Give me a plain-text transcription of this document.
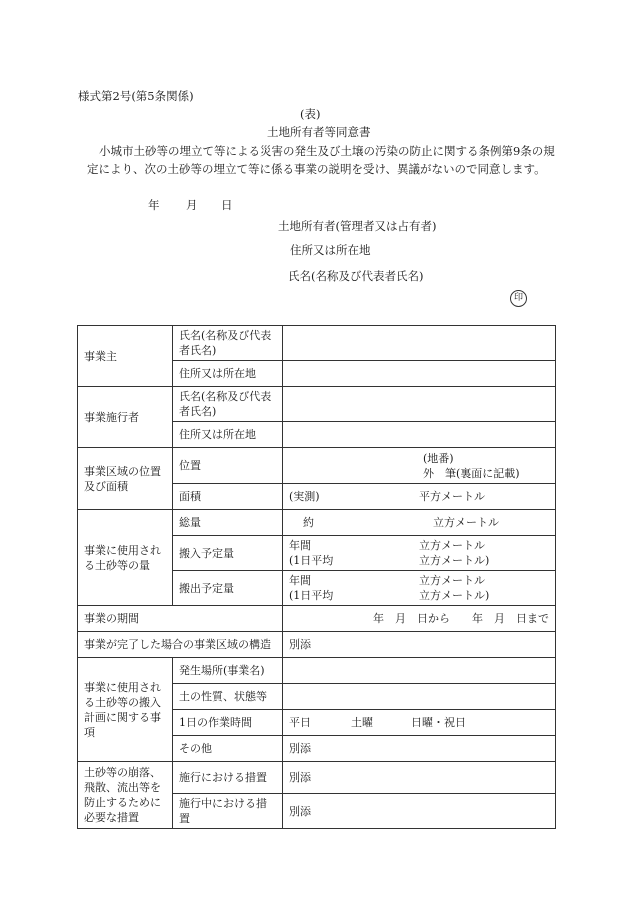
様式第2号(第5条関係)
(表)
土地所有者等同意書
小城市土砂等の埋立て等による災害の発生及び土壌の汚染の防止に関する条例第9条の規定により、次の土砂等の埋立て等に係る事業の説明を受け、異議がないので同意します。
年 月 日
土地所有者(管理者又は占有者)
住所又は所在地
氏名(名称及び代表者氏名)
印
事業主	氏名(名称及び代表者氏名)	
	住所又は所在地	
事業施行者	氏名(名称及び代表者氏名)	
	住所又は所在地	
事業区域の位置及び面積	位置	(地番)
外　筆(裏面に記載)

	面積	(実測) 平方メートル

事業に使用される土砂等の量	総量	約 立方メートル

	搬入予定量	年間 立方メートル
(1日平均 立方メートル)

	搬出予定量	年間 立方メートル
(1日平均 立方メートル)

事業の期間		年　月　日から　　年　月　日まで
事業が完了した場合の事業区域の構造		別添
事業に使用される土砂等の搬入計画に関する事項	発生場所(事業名)	
	土の性質、状態等	
	1日の作業時間	平日 土曜 日曜・祝日

	その他	別添
土砂等の崩落、飛散、流出等を防止するために必要な措置	施行における措置	別添
	施行中における措置	別添
